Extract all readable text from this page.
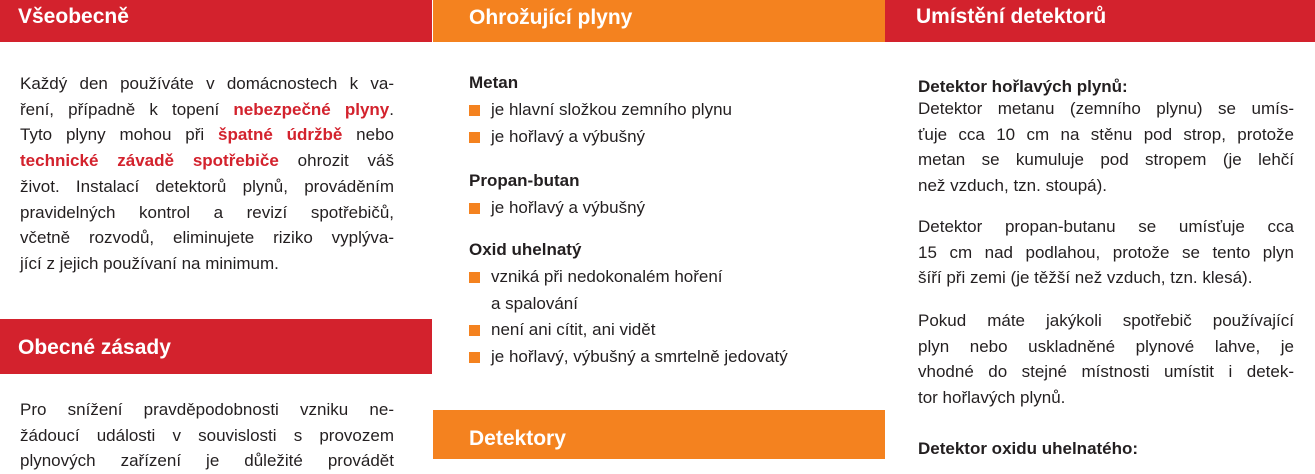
Všeobecně
Každý den používáte v domácnostech k va-
ření, případně k topení nebezpečné plyny.
Tyto plyny mohou při špatné údržbě nebo
technické závadě spotřebiče ohrozit váš
život. Instalací detektorů plynů, prováděním
pravidelných kontrol a revizí spotřebičů,
včetně rozvodů, eliminujete riziko vyplýva-
jící z jejich používaní na minimum.
Obecné zásady
Pro snížení pravděpodobnosti vzniku ne-
žádoucí události v souvislosti s provozem
plynových zařízení je důležité provádět
Ohrožující plyny
Metan
je hlavní složkou zemního plynu
je hořlavý a výbušný
Propan-butan
je hořlavý a výbušný
Oxid uhelnatý
vzniká při nedokonalém hoření
a spalování
není ani cítit, ani vidět
je hořlavý, výbušný a smrtelně jedovatý
Detektory
Umístění detektorů
Detektor hořlavých plynů:
Detektor metanu (zemního plynu) se umís-
ťuje cca 10 cm na stěnu pod strop, protože
metan se kumuluje pod stropem (je lehčí
než vzduch, tzn. stoupá).
Detektor propan-butanu se umísťuje cca
15 cm nad podlahou, protože se tento plyn
šíří při zemi (je těžší než vzduch, tzn. klesá).
Pokud máte jakýkoli spotřebič používající
plyn nebo uskladněné plynové lahve, je
vhodné do stejné místnosti umístit i detek-
tor hořlavých plynů.
Detektor oxidu uhelnatého:
